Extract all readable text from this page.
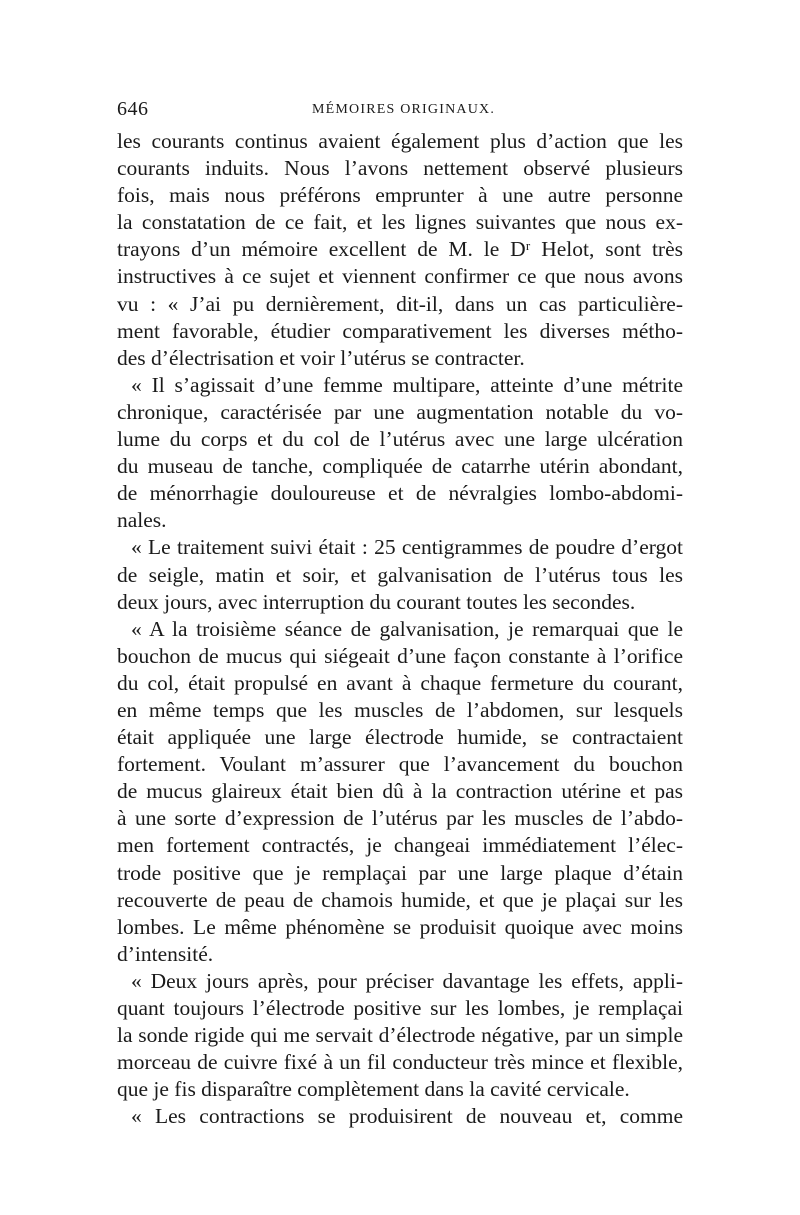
646	MÉMOIRES ORIGINAUX.
les courants continus avaient également plus d’action que les
courants induits. Nous l’avons nettement observé plusieurs
fois, mais nous préférons emprunter à une autre personne
la constatation de ce fait, et les lignes suivantes que nous ex-
trayons d’un mémoire excellent de M. le Dʳ Helot, sont très
instructives à ce sujet et viennent confirmer ce que nous avons
vu : « J’ai pu dernièrement, dit-il, dans un cas particulière-
ment favorable, étudier comparativement les diverses métho-
des d’électrisation et voir l’utérus se contracter.
« Il s’agissait d’une femme multipare, atteinte d’une métrite
chronique, caractérisée par une augmentation notable du vo-
lume du corps et du col de l’utérus avec une large ulcération
du museau de tanche, compliquée de catarrhe utérin abondant,
de ménorrhagie douloureuse et de névralgies lombo-abdomi-
nales.
« Le traitement suivi était : 25 centigrammes de poudre d’ergot
de seigle, matin et soir, et galvanisation de l’utérus tous les
deux jours, avec interruption du courant toutes les secondes.
« A la troisième séance de galvanisation, je remarquai que le
bouchon de mucus qui siégeait d’une façon constante à l’orifice
du col, était propulsé en avant à chaque fermeture du courant,
en même temps que les muscles de l’abdomen, sur lesquels
était appliquée une large électrode humide, se contractaient
fortement. Voulant m’assurer que l’avancement du bouchon
de mucus glaireux était bien dû à la contraction utérine et pas
à une sorte d’expression de l’utérus par les muscles de l’abdo-
men fortement contractés, je changeai immédiatement l’élec-
trode positive que je remplaçai par une large plaque d’étain
recouverte de peau de chamois humide, et que je plaçai sur les
lombes. Le même phénomène se produisit quoique avec moins
d’intensité.
« Deux jours après, pour préciser davantage les effets, appli-
quant toujours l’électrode positive sur les lombes, je remplaçai
la sonde rigide qui me servait d’électrode négative, par un simple
morceau de cuivre fixé à un fil conducteur très mince et flexible,
que je fis disparaître complètement dans la cavité cervicale.
« Les contractions se produisirent de nouveau et, comme
